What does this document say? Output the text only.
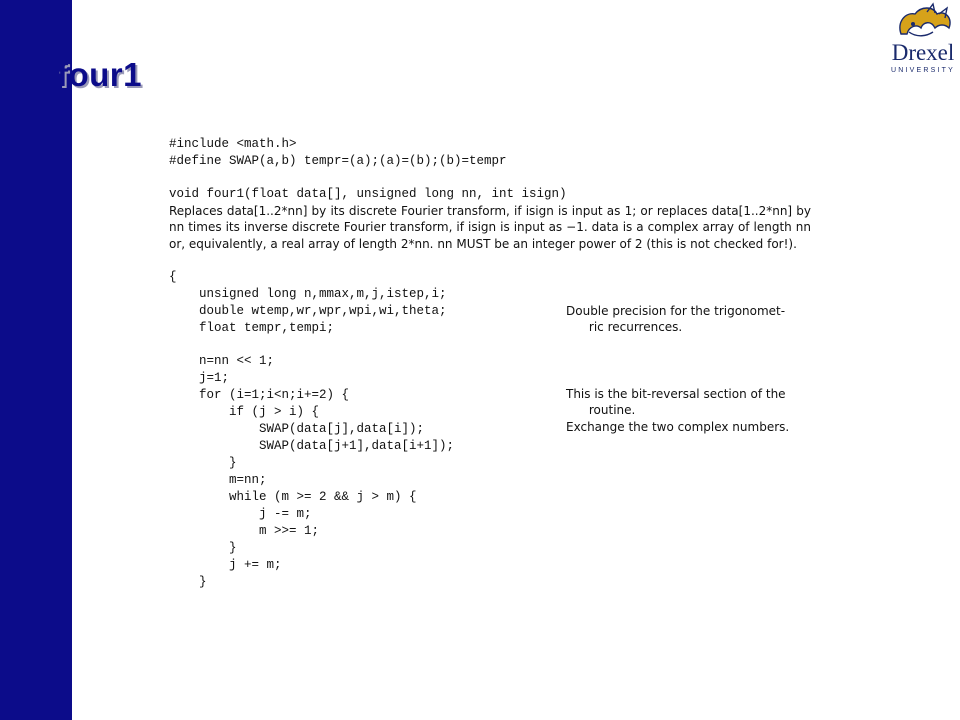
four1
Drexel
UNIVERSITY
#include <math.h>
#define SWAP(a,b) tempr=(a);(a)=(b);(b)=tempr
void four1(float data[], unsigned long nn, int isign)
Replaces data[1..2*nn] by its discrete Fourier transform, if isign is input as 1; or replaces data[1..2*nn] by nn times its inverse discrete Fourier transform, if isign is input as −1. data is a complex array of length nn or, equivalently, a real array of length 2*nn. nn MUST be an integer power of 2 (this is not checked for!).
{
unsigned long n,mmax,m,j,istep,i;
double wtemp,wr,wpr,wpi,wi,theta;
float tempr,tempi;
n=nn << 1;
j=1;
for (i=1;i<n;i+=2) {
if (j > i) {
SWAP(data[j],data[i]);
SWAP(data[j+1],data[i+1]);
}
m=nn;
while (m >= 2 && j > m) {
j -= m;
m >>= 1;
}
j += m;
}
Double precision for the trigonomet-
ric recurrences.
This is the bit-reversal section of the
routine.
Exchange the two complex numbers.
